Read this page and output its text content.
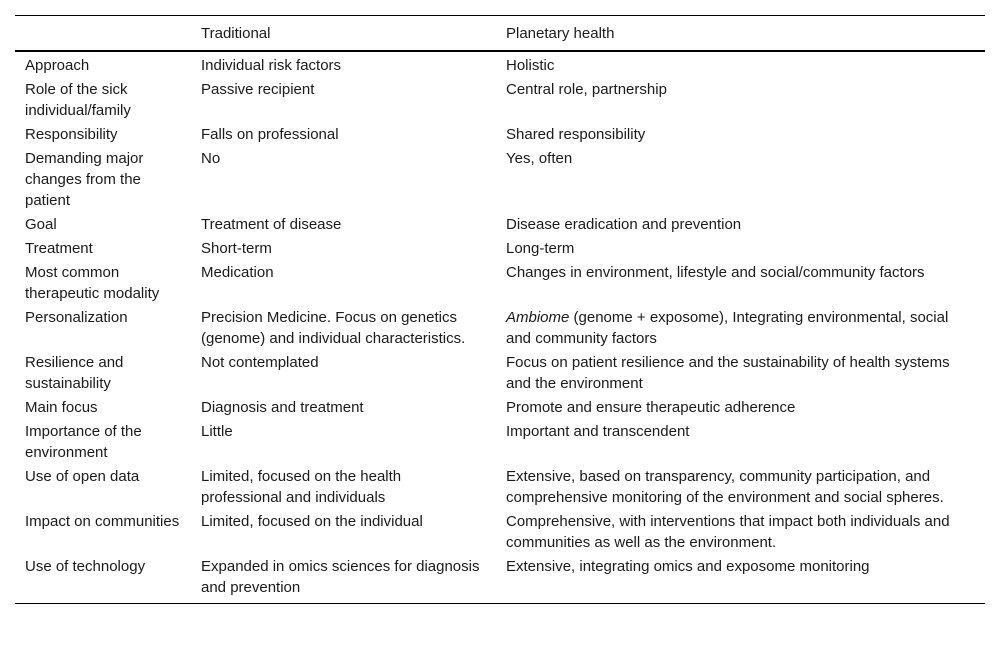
	Traditional	Planetary health
Approach	Individual risk factors	Holistic
Role of the sick individual/family	Passive recipient	Central role, partnership
Responsibility	Falls on professional	Shared responsibility
Demanding major changes from the patient	No	Yes, often
Goal	Treatment of disease	Disease eradication and prevention
Treatment	Short-term	Long-term
Most common therapeutic modality	Medication	Changes in environment, lifestyle and social/community factors
Personalization	Precision Medicine. Focus on genetics (genome) and individual characteristics.	Ambiome (genome + exposome), Integrating environmental, social and community factors
Resilience and sustainability	Not contemplated	Focus on patient resilience and the sustainability of health systems and the environment
Main focus	Diagnosis and treatment	Promote and ensure therapeutic adherence
Importance of the environment	Little	Important and transcendent
Use of open data	Limited, focused on the health professional and individuals	Extensive, based on transparency, community participation, and comprehensive monitoring of the environment and social spheres.
Impact on communities	Limited, focused on the individual	Comprehensive, with interventions that impact both individuals and communities as well as the environment.
Use of technology	Expanded in omics sciences for diagnosis and prevention	Extensive, integrating omics and exposome monitoring
